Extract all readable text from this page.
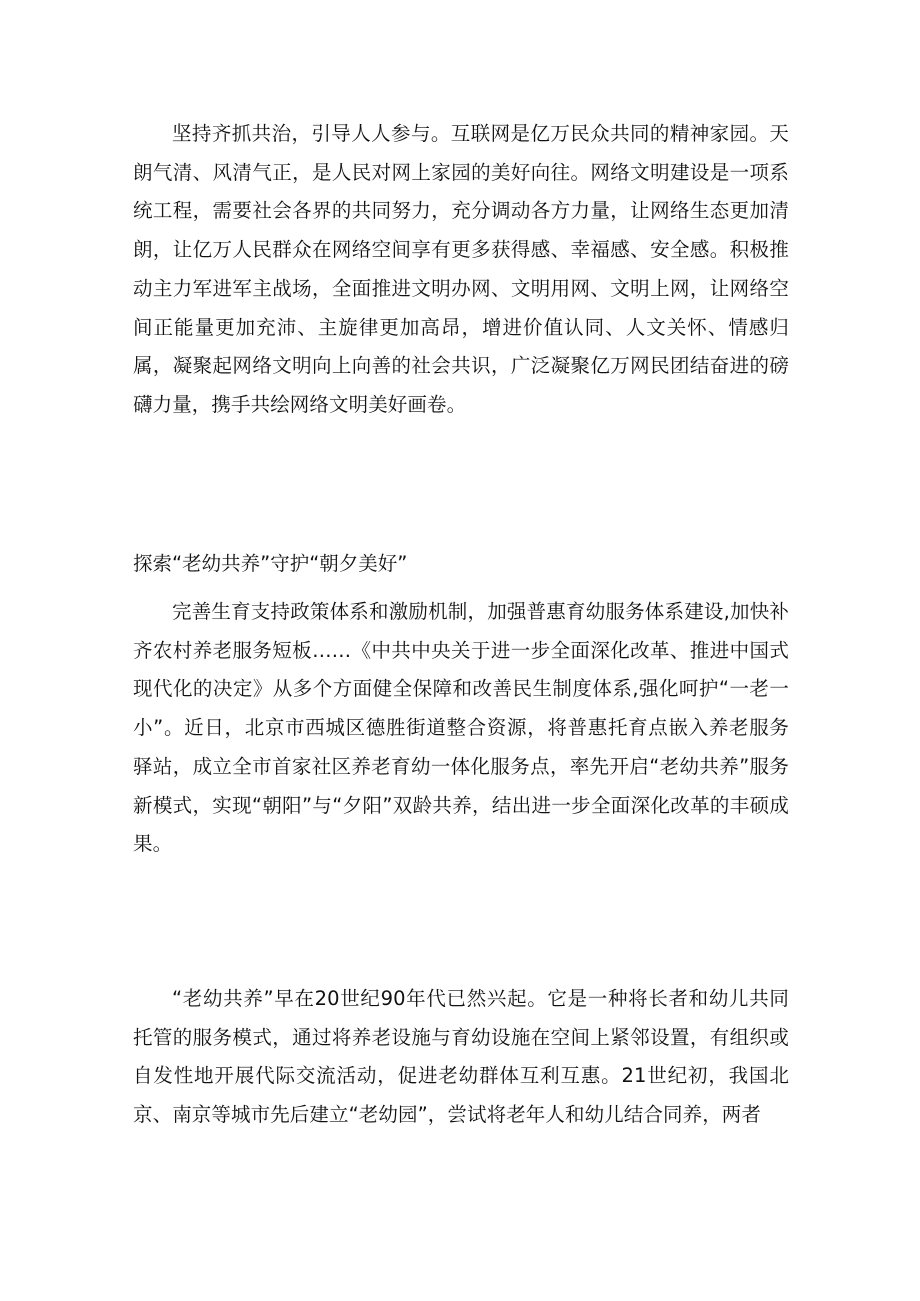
坚持齐抓共治，引导人人参与。互联网是亿万民众共同的精神家园。天朗气清、风清气正，是人民对网上家园的美好向往。网络文明建设是一项系统工程，需要社会各界的共同努力，充分调动各方力量，让网络生态更加清朗，让亿万人民群众在网络空间享有更多获得感、幸福感、安全感。积极推动主力军进军主战场，全面推进文明办网、文明用网、文明上网，让网络空间正能量更加充沛、主旋律更加高昂，增进价值认同、人文关怀、情感归属，凝聚起网络文明向上向善的社会共识，广泛凝聚亿万网民团结奋进的磅礴力量，携手共绘网络文明美好画卷。

探索“老幼共养”守护“朝夕美好”

完善生育支持政策体系和激励机制，加强普惠育幼服务体系建设,加快补齐农村养老服务短板……《中共中央关于进一步全面深化改革、推进中国式现代化的决定》从多个方面健全保障和改善民生制度体系,强化呵护“一老一小”。近日，北京市西城区德胜街道整合资源，将普惠托育点嵌入养老服务驿站，成立全市首家社区养老育幼一体化服务点，率先开启“老幼共养”服务新模式，实现“朝阳”与“夕阳”双龄共养，结出进一步全面深化改革的丰硕成果。

“老幼共养”早在20世纪90年代已然兴起。它是一种将长者和幼儿共同托管的服务模式，通过将养老设施与育幼设施在空间上紧邻设置，有组织或自发性地开展代际交流活动，促进老幼群体互利互惠。21世纪初，我国北京、南京等城市先后建立“老幼园”，尝试将老年人和幼儿结合同养，两者
